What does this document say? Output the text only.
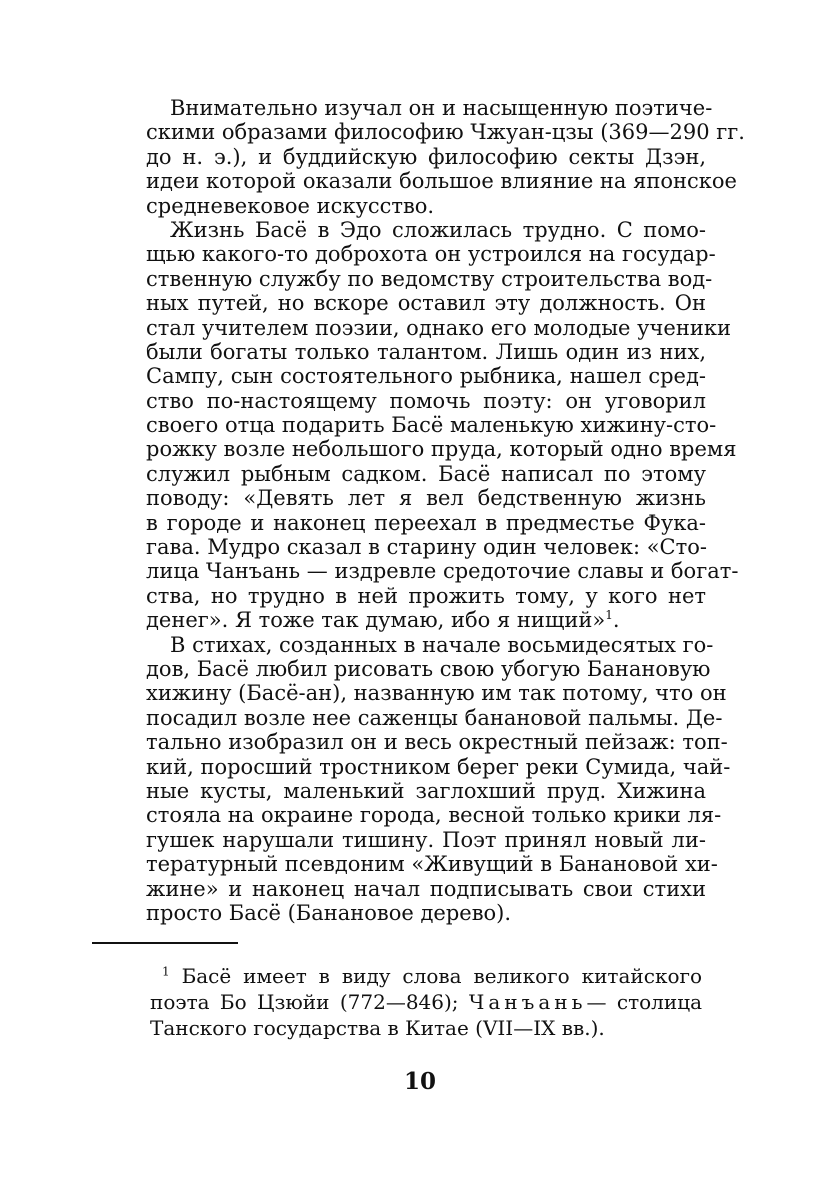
Внимательно изучал он и насыщенную поэтиче-
скими образами философию Чжуан-цзы (369—290 гг.
до н. э.), и буддийскую философию секты Дзэн,
идеи которой оказали большое влияние на японское
средневековое искусство.
Жизнь Басё в Эдо сложилась трудно. С помо-
щью какого-то доброхота он устроился на государ-
ственную службу по ведомству строительства вод-
ных путей, но вскоре оставил эту должность. Он
стал учителем поэзии, однако его молодые ученики
были богаты только талантом. Лишь один из них,
Сампу, сын состоятельного рыбника, нашел сред-
ство по-настоящему помочь поэту: он уговорил
своего отца подарить Басё маленькую хижину-сто-
рожку возле небольшого пруда, который одно время
служил рыбным садком. Басё написал по этому
поводу: «Девять лет я вел бедственную жизнь
в городе и наконец переехал в предместье Фука-
гава. Мудро сказал в старину один человек: «Сто-
лица Чанъань — издревле средоточие славы и богат-
ства, но трудно в ней прожить тому, у кого нет
денег». Я тоже так думаю, ибо я нищий»$^1$.
В стихах, созданных в начале восьмидесятых го-
дов, Басё любил рисовать свою убогую Банановую
хижину (Басё-ан), названную им так потому, что он
посадил возле нее саженцы банановой пальмы. Де-
тально изобразил он и весь окрестный пейзаж: топ-
кий, поросший тростником берег реки Сумида, чай-
ные кусты, маленький заглохший пруд. Хижина
стояла на окраине города, весной только крики ля-
гушек нарушали тишину. Поэт принял новый ли-
тературный псевдоним «Живущий в Банановой хи-
жине» и наконец начал подписывать свои стихи
просто Басё (Банановое дерево).
$^1$ Басё имеет в виду слова великого китайского
поэта Бо Цзюйи (772—846); Чанъань— столица
Танского государства в Китае (VII—IX вв.).
10
